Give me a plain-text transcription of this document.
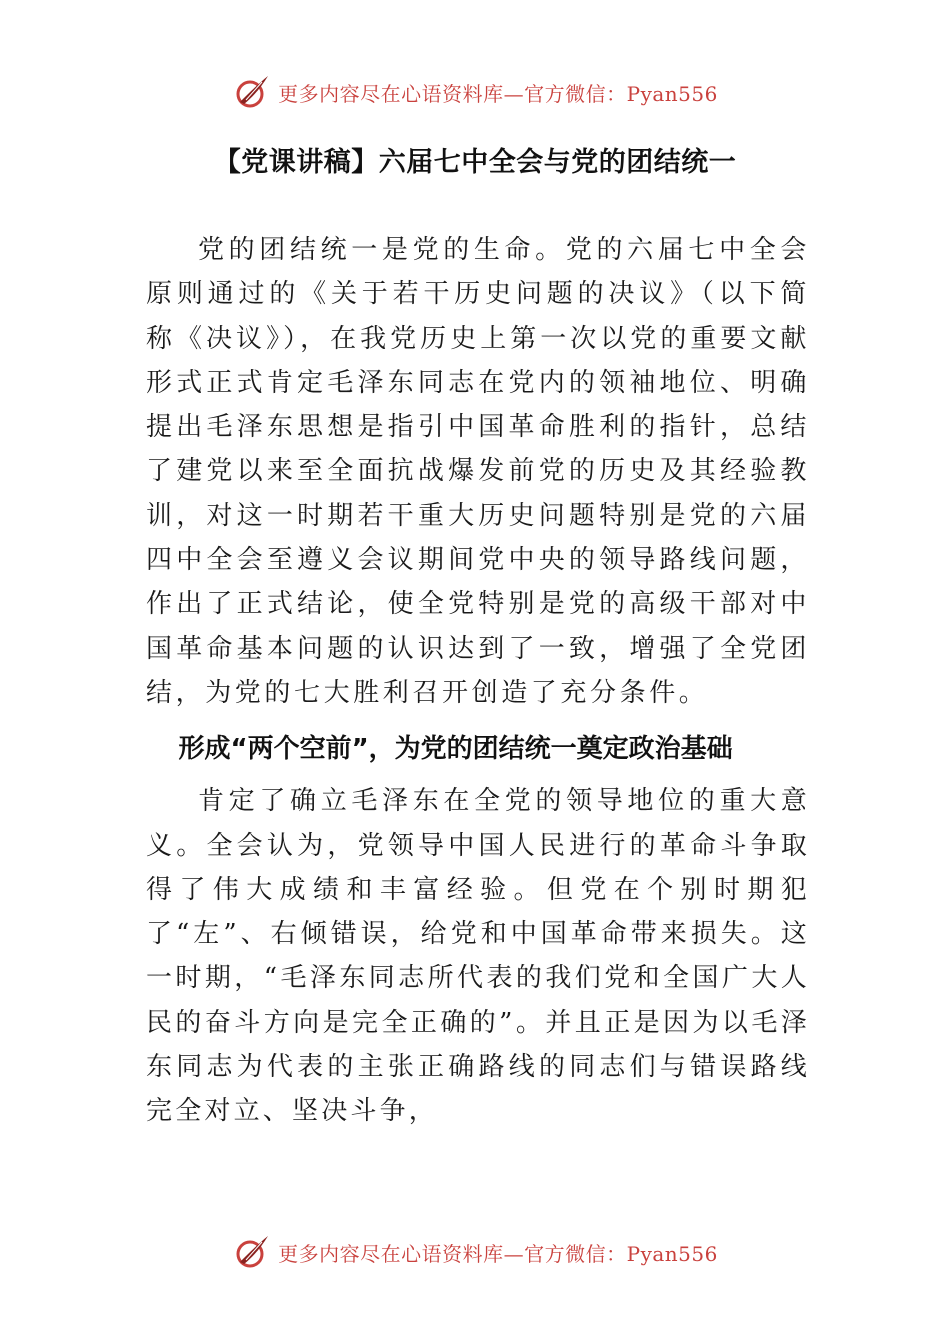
更多内容尽在心语资料库—官方微信：Pyan556
【党课讲稿】六届七中全会与党的团结统一

党的团结统一是党的生命。党的六届七中全会原则通过的《关于若干历史问题的决议》（以下简称《决议》），在我党历史上第一次以党的重要文献形式正式肯定毛泽东同志在党内的领袖地位、明确提出毛泽东思想是指引中国革命胜利的指针，总结了建党以来至全面抗战爆发前党的历史及其经验教训，对这一时期若干重大历史问题特别是党的六届四中全会至遵义会议期间党中央的领导路线问题，作出了正式结论，使全党特别是党的高级干部对中国革命基本问题的认识达到了一致，增强了全党团结，为党的七大胜利召开创造了充分条件。

形成“两个空前”，为党的团结统一奠定政治基础

肯定了确立毛泽东在全党的领导地位的重大意义。全会认为，党领导中国人民进行的革命斗争取得了伟大成绩和丰富经验。但党在个别时期犯了“左”、右倾错误，给党和中国革命带来损失。这一时期，“毛泽东同志所代表的我们党和全国广大人民的奋斗方向是完全正确的”。并且正是因为以毛泽东同志为代表的主张正确路线的同志们与错误路线完全对立、坚决斗争，

更多内容尽在心语资料库—官方微信：Pyan556
